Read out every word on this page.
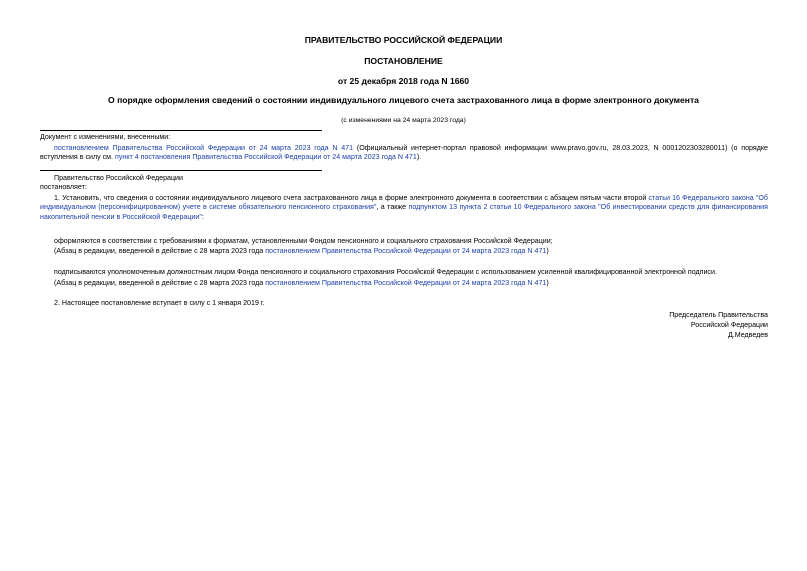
ПРАВИТЕЛЬСТВО РОССИЙСКОЙ ФЕДЕРАЦИИ
ПОСТАНОВЛЕНИЕ
от 25 декабря 2018 года N 1660
О порядке оформления сведений о состоянии индивидуального лицевого счета застрахованного лица в форме электронного документа
(с изменениями на 24 марта 2023 года)
Документ с изменениями, внесенными:
постановлением Правительства Российской Федерации от 24 марта 2023 года N 471 (Официальный интернет-портал правовой информации www.pravo.gov.ru, 28.03.2023, N 0001202303280011) (о порядке вступления в силу см. пункт 4 постановления Правительства Российской Федерации от 24 марта 2023 года N 471).
Правительство Российской Федерации
постановляет:
1. Установить, что сведения о состоянии индивидуального лицевого счета застрахованного лица в форме электронного документа в соответствии с абзацем пятым части второй статьи 16 Федерального закона "Об индивидуальном (персонифицированном) учете в системе обязательного пенсионного страхования", а также подпунктом 13 пункта 2 статьи 10 Федерального закона "Об инвестировании средств для финансирования накопительной пенсии в Российской Федерации":
оформляются в соответствии с требованиями к форматам, установленными Фондом пенсионного и социального страхования Российской Федерации;
(Абзац в редакции, введенной в действие с 28 марта 2023 года постановлением Правительства Российской Федерации от 24 марта 2023 года N 471)
подписываются уполномоченным должностным лицом Фонда пенсионного и социального страхования Российской Федерации с использованием усиленной квалифицированной электронной подписи.
(Абзац в редакции, введенной в действие с 28 марта 2023 года постановлением Правительства Российской Федерации от 24 марта 2023 года N 471)
2. Настоящее постановление вступает в силу с 1 января 2019 г.
Председатель Правительства
Российской Федерации
Д.Медведев
